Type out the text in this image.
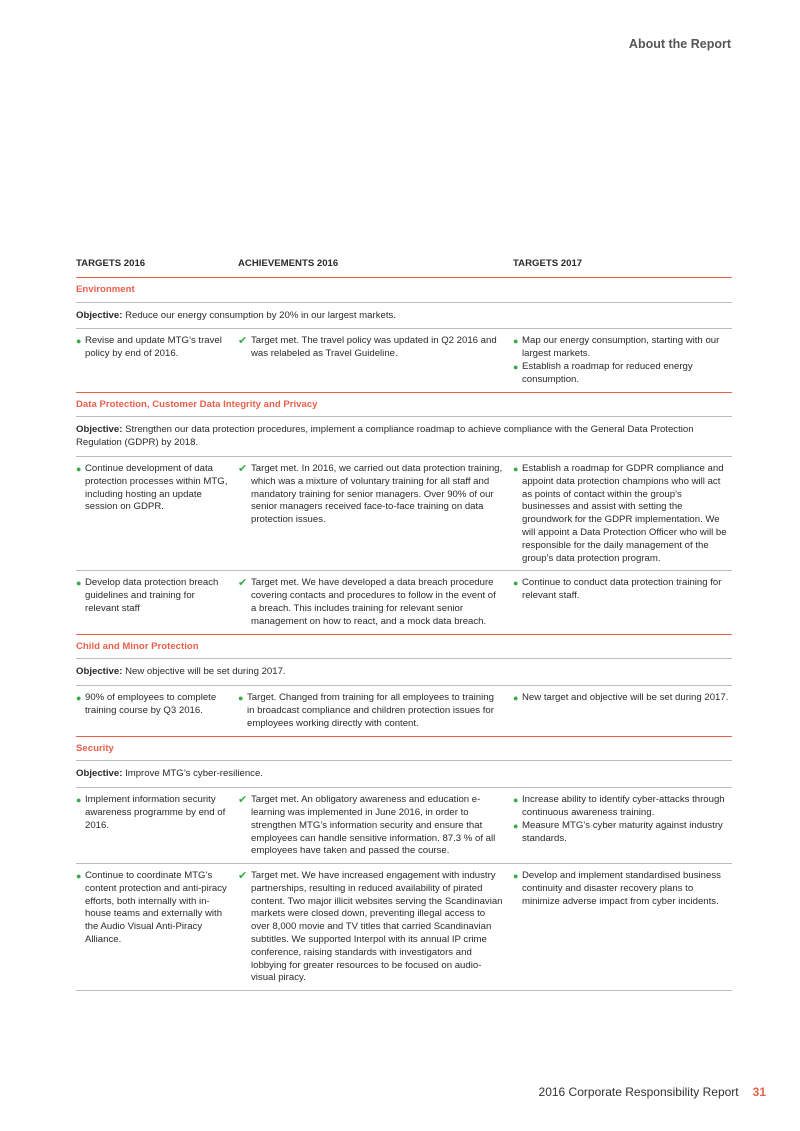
About the Report
TARGETS 2016	ACHIEVEMENTS 2016	TARGETS 2017
Environment
Objective: Reduce our energy consumption by 20% in our largest markets.
● Revise and update MTG’s travel policy by end of 2016.
✔ Target met. The travel policy was updated in Q2 2016 and was relabeled as Travel Guideline.
● Map our energy consumption, starting with our largest markets.
● Establish a roadmap for reduced energy consumption.
Data Protection, Customer Data Integrity and Privacy
Objective: Strengthen our data protection procedures, implement a compliance roadmap to achieve compliance with the General Data Protection Regulation (GDPR) by 2018.
● Continue development of data protection processes within MTG, including hosting an update session on GDPR.
✔ Target met. In 2016, we carried out data protection training, which was a mixture of voluntary training for all staff and mandatory training for senior managers. Over 90% of our senior managers received face-to-face training on data protection issues.
● Establish a roadmap for GDPR compliance and appoint data protection champions who will act as points of contact within the group’s businesses and assist with setting the groundwork for the GDPR implementation. We will appoint a Data Protection Officer who will be responsible for the daily management of the group’s data protection program.
● Develop data protection breach guidelines and training for relevant staff
✔ Target met. We have developed a data breach procedure covering contacts and procedures to follow in the event of a breach. This includes training for relevant senior management on how to react, and a mock data breach.
● Continue to conduct data protection training for relevant staff.
Child and Minor Protection
Objective: New objective will be set during 2017.
● 90% of employees to complete training course by Q3 2016.
● Target. Changed from training for all employees to training in broadcast compliance and children protection issues for employees working directly with content.
● New target and objective will be set during 2017.
Security
Objective: Improve MTG’s cyber-resilience.
● Implement information security awareness programme by end of 2016.
✔ Target met. An obligatory awareness and education e-learning was implemented in June 2016, in order to strengthen MTG’s information security and ensure that employees can handle sensitive information. 87.3 % of all employees have taken and passed the course.
● Increase ability to identify cyber-attacks through continuous awareness training.
● Measure MTG’s cyber maturity against industry standards.
● Continue to coordinate MTG’s content protection and anti-piracy efforts, both internally with in-house teams and externally with the Audio Visual Anti-Piracy Alliance.
✔ Target met. We have increased engagement with industry partnerships, resulting in reduced availability of pirated content. Two major illicit websites serving the Scandinavian markets were closed down, preventing illegal access to over 8,000 movie and TV titles that carried Scandinavian subtitles. We supported Interpol with its annual IP crime conference, raising standards with investigators and lobbying for greater resources to be focused on audio-visual piracy.
● Develop and implement standardised business continuity and disaster recovery plans to minimize adverse impact from cyber incidents.
2016 Corporate Responsibility Report 31
